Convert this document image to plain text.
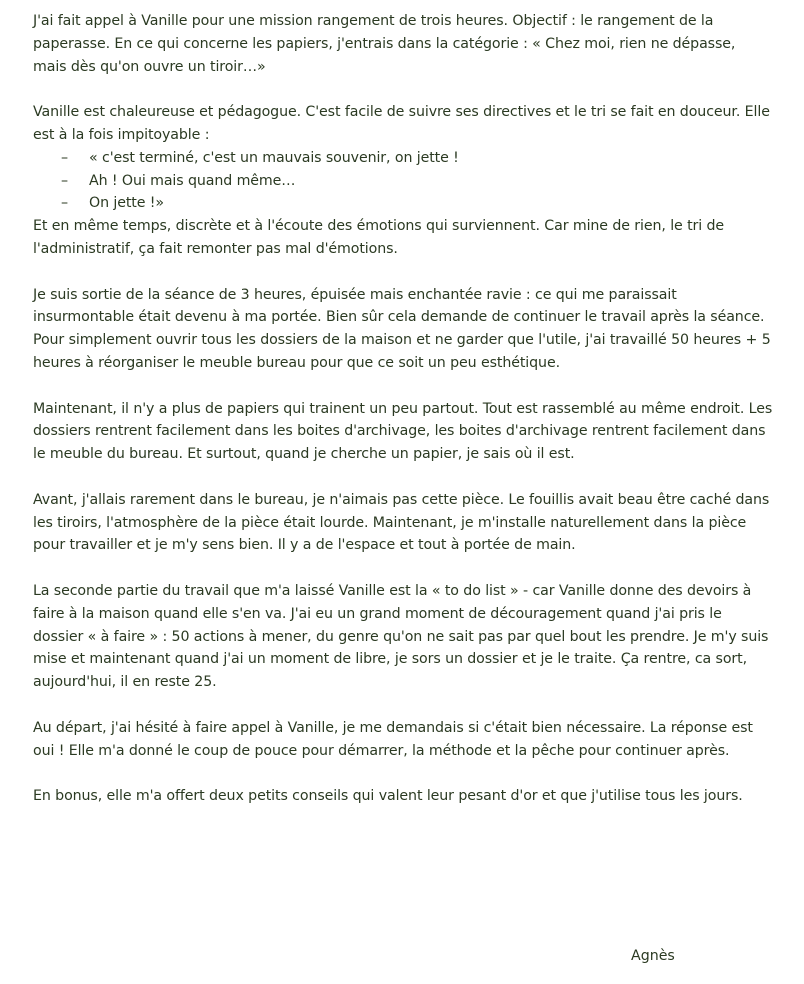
J'ai fait appel à Vanille pour une mission rangement de trois heures. Objectif : le rangement de la paperasse. En ce qui concerne les papiers, j'entrais dans la catégorie : « Chez moi, rien ne dépasse, mais dès qu'on ouvre un tiroir…»

Vanille est chaleureuse et pédagogue. C'est facile de suivre ses directives et le tri se fait en douceur. Elle est à la fois impitoyable :

– « c'est terminé, c'est un mauvais souvenir, on jette !
– Ah ! Oui mais quand même…
– On jette !»

Et en même temps, discrète et à l'écoute des émotions qui surviennent. Car mine de rien, le tri de l'administratif, ça fait remonter pas mal d'émotions.

Je suis sortie de la séance de 3 heures, épuisée mais enchantée ravie : ce qui me paraissait insurmontable était devenu à ma portée. Bien sûr cela demande de continuer le travail après la séance. Pour simplement ouvrir tous les dossiers de la maison et ne garder que l'utile, j'ai travaillé 50 heures + 5 heures à réorganiser le meuble bureau pour que ce soit un peu esthétique.

Maintenant, il n'y a plus de papiers qui trainent un peu partout. Tout est rassemblé au même endroit. Les dossiers rentrent facilement dans les boites d'archivage, les boites d'archivage rentrent facilement dans le meuble du bureau. Et surtout, quand je cherche un papier, je sais où il est.

Avant, j'allais rarement dans le bureau, je n'aimais pas cette pièce. Le fouillis avait beau être caché dans les tiroirs, l'atmosphère de la pièce était lourde. Maintenant, je m'installe naturellement dans la pièce pour travailler et je m'y sens bien. Il y a de l'espace et tout à portée de main.

La seconde partie du travail que m'a laissé Vanille est la « to do list » - car Vanille donne des devoirs à faire à la maison quand elle s'en va. J'ai eu un grand moment de découragement quand j'ai pris le dossier « à faire » : 50 actions à mener, du genre qu'on ne sait pas par quel bout les prendre. Je m'y suis mise et maintenant quand j'ai un moment de libre, je sors un dossier et je le traite. Ça rentre, ca sort, aujourd'hui, il en reste 25.

Au départ, j'ai hésité à faire appel à Vanille, je me demandais si c'était bien nécessaire. La réponse est oui ! Elle m'a donné le coup de pouce pour démarrer, la méthode et la pêche pour continuer après.

En bonus, elle m'a offert deux petits conseils qui valent leur pesant d'or et que j'utilise tous les jours.

Agnès
